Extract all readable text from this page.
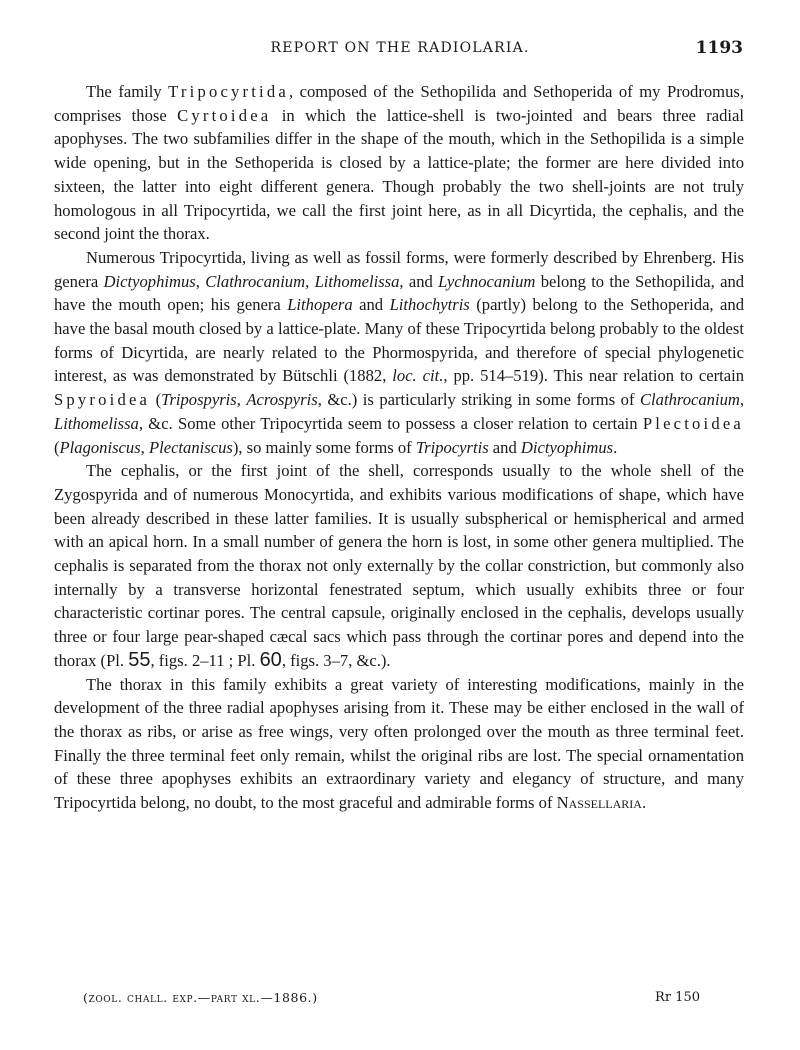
REPORT ON THE RADIOLARIA.	1193

The family Tripocyrtida, composed of the Sethopilida and Sethoperida of my Prodromus, comprises those Cyrtoidea in which the lattice-shell is two-jointed and bears three radial apophyses. The two subfamilies differ in the shape of the mouth, which in the Sethopilida is a simple wide opening, but in the Sethoperida is closed by a lattice-plate; the former are here divided into sixteen, the latter into eight different genera. Though probably the two shell-joints are not truly homologous in all Tripocyrtida, we call the first joint here, as in all Dicyrtida, the cephalis, and the second joint the thorax.

Numerous Tripocyrtida, living as well as fossil forms, were formerly described by Ehrenberg. His genera Dictyophimus, Clathrocanium, Lithomelissa, and Lychnocanium belong to the Sethopilida, and have the mouth open; his genera Lithopera and Lithochytris (partly) belong to the Sethoperida, and have the basal mouth closed by a lattice-plate. Many of these Tripocyrtida belong probably to the oldest forms of Dicyrtida, are nearly related to the Phormospyrida, and therefore of special phylogenetic interest, as was demonstrated by Bütschli (1882, loc. cit., pp. 514–519). This near relation to certain Spyroidea (Tripospyris, Acrospyris, &c.) is particularly striking in some forms of Clathrocanium, Lithomelissa, &c. Some other Tripocyrtida seem to possess a closer relation to certain Plectoidea (Plagoniscus, Plectaniscus), so mainly some forms of Tripocyrtis and Dictyophimus.

The cephalis, or the first joint of the shell, corresponds usually to the whole shell of the Zygospyrida and of numerous Monocyrtida, and exhibits various modifications of shape, which have been already described in these latter families. It is usually subspherical or hemispherical and armed with an apical horn. In a small number of genera the horn is lost, in some other genera multiplied. The cephalis is separated from the thorax not only externally by the collar constriction, but commonly also internally by a transverse horizontal fenestrated septum, which usually exhibits three or four characteristic cortinar pores. The central capsule, originally enclosed in the cephalis, develops usually three or four large pear-shaped cæcal sacs which pass through the cortinar pores and depend into the thorax (Pl. 55, figs. 2–11 ; Pl. 60, figs. 3–7, &c.).

The thorax in this family exhibits a great variety of interesting modifications, mainly in the development of the three radial apophyses arising from it. These may be either enclosed in the wall of the thorax as ribs, or arise as free wings, very often prolonged over the mouth as three terminal feet. Finally the three terminal feet only remain, whilst the original ribs are lost. The special ornamentation of these three apophyses exhibits an extraordinary variety and elegancy of structure, and many Tripocyrtida belong, no doubt, to the most graceful and admirable forms of Nassellaria.

(zool. chall. exp.—part xl.—1886.)	Rr 150
